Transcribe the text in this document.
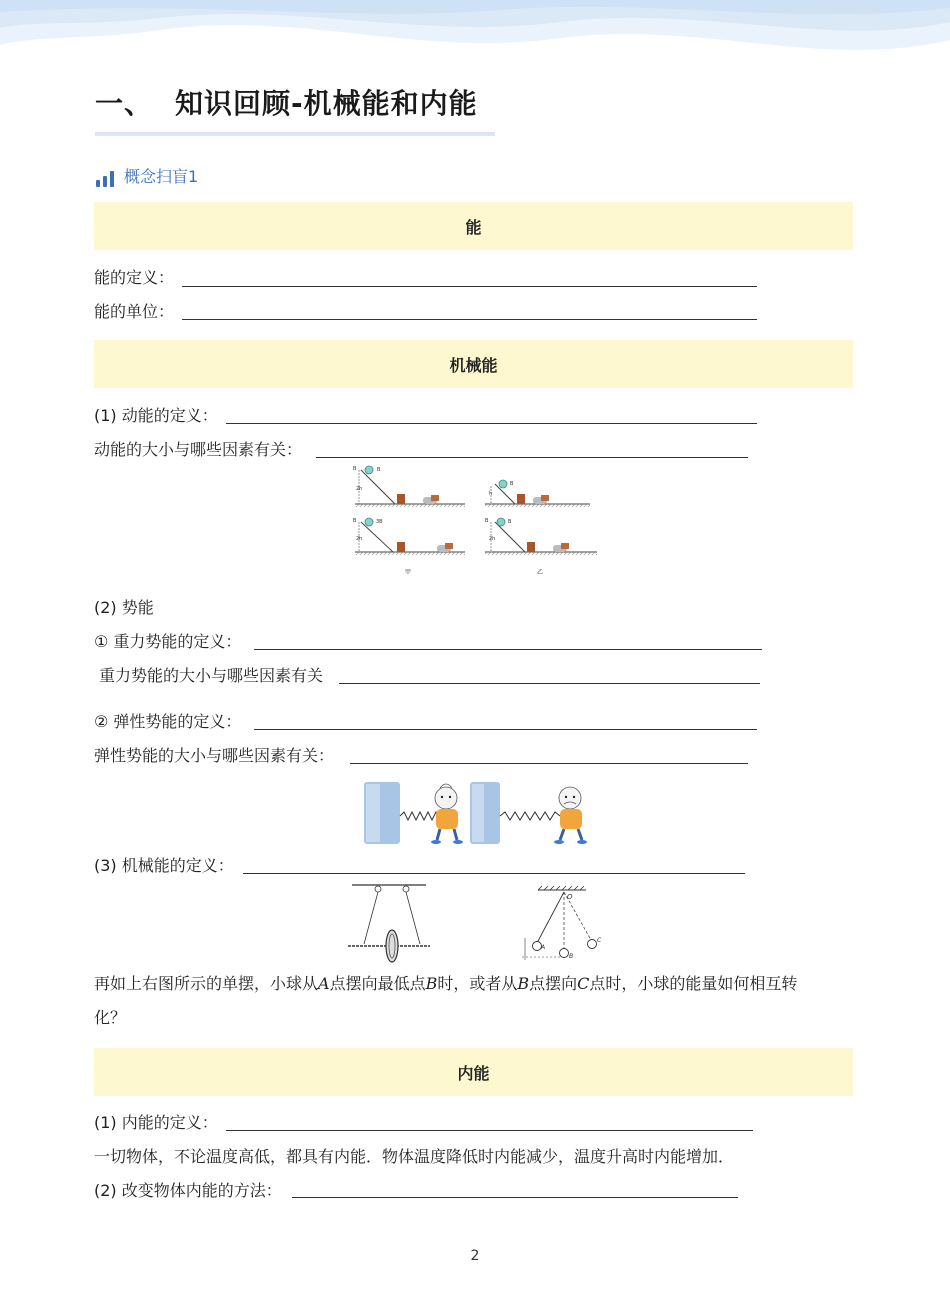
一、 知识回顾-机械能和内能
概念扫盲1
能
能的定义：
能的单位：
机械能
(1) 动能的定义：
动能的大小与哪些因素有关：
B
B
2h
B
h
3B
B
2h
B
B
2h
甲	乙
(2) 势能
① 重力势能的定义：
重力势能的大小与哪些因素有关
② 弹性势能的定义：
弹性势能的大小与哪些因素有关：
(3) 机械能的定义：
O
A
B
C
再如上右图所示的单摆，小球从A点摆向最低点B时，或者从B点摆向C点时，小球的能量如何相互转
化？
内能
(1) 内能的定义：
一切物体，不论温度高低，都具有内能．物体温度降低时内能减少，温度升高时内能增加．
(2) 改变物体内能的方法：
2
